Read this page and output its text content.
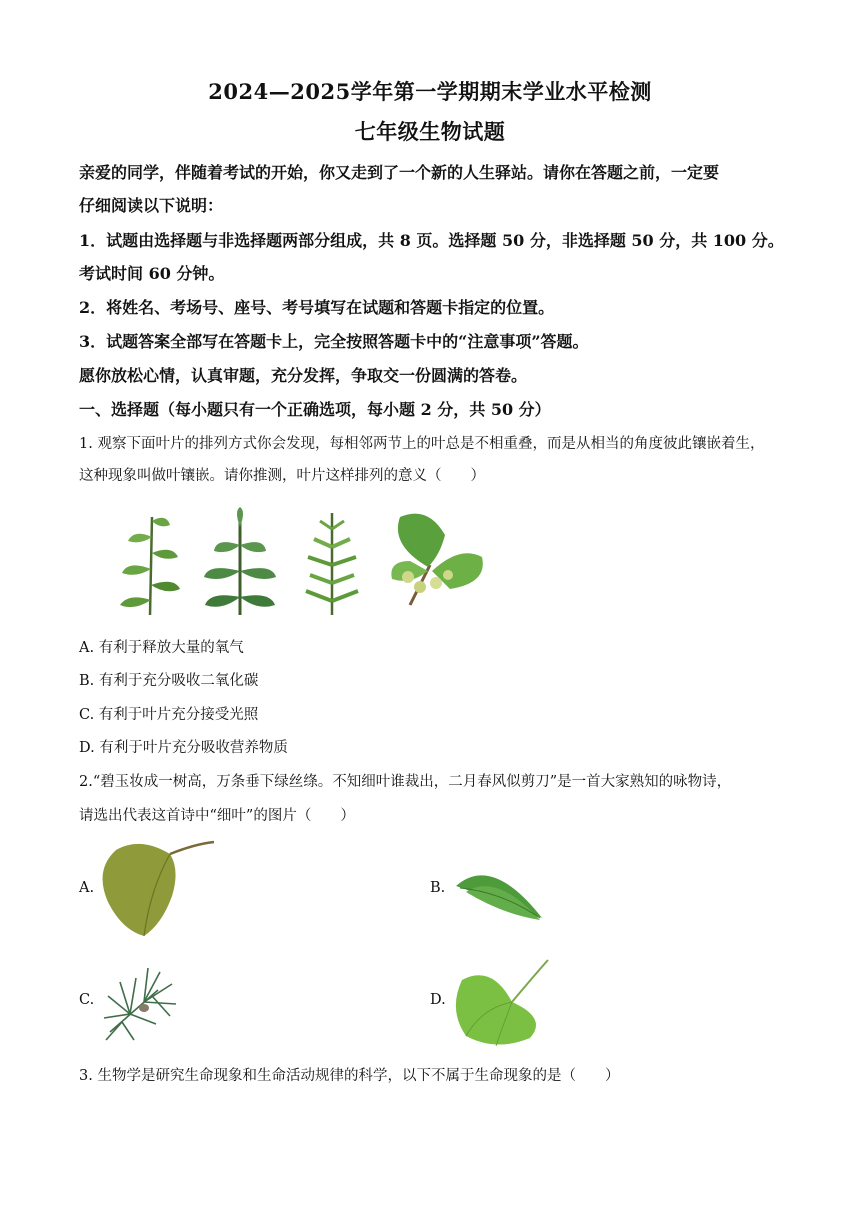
2024—2025学年第一学期期末学业水平检测
七年级生物试题
亲爱的同学，伴随着考试的开始，你又走到了一个新的人生驿站。请你在答题之前，一定要
仔细阅读以下说明：
1．试题由选择题与非选择题两部分组成，共 8 页。选择题 50 分，非选择题 50 分，共 100 分。
考试时间 60 分钟。
2．将姓名、考场号、座号、考号填写在试题和答题卡指定的位置。
3．试题答案全部写在答题卡上，完全按照答题卡中的“注意事项”答题。
愿你放松心情，认真审题，充分发挥，争取交一份圆满的答卷。
一、选择题（每小题只有一个正确选项，每小题 2 分，共 50 分）
1. 观察下面叶片的排列方式你会发现，每相邻两节上的叶总是不相重叠，而是从相当的角度彼此镶嵌着生，
这种现象叫做叶镶嵌。请你推测，叶片这样排列的意义（　　）
A. 有利于释放大量的氧气
B. 有利于充分吸收二氧化碳
C. 有利于叶片充分接受光照
D. 有利于叶片充分吸收营养物质
2.“碧玉妆成一树高，万条垂下绿丝绦。不知细叶谁裁出，二月春风似剪刀”是一首大家熟知的咏物诗，
请选出代表这首诗中“细叶”的图片（　　）
A.	B.
C.	D.
3. 生物学是研究生命现象和生命活动规律的科学，以下不属于生命现象的是（　　）
